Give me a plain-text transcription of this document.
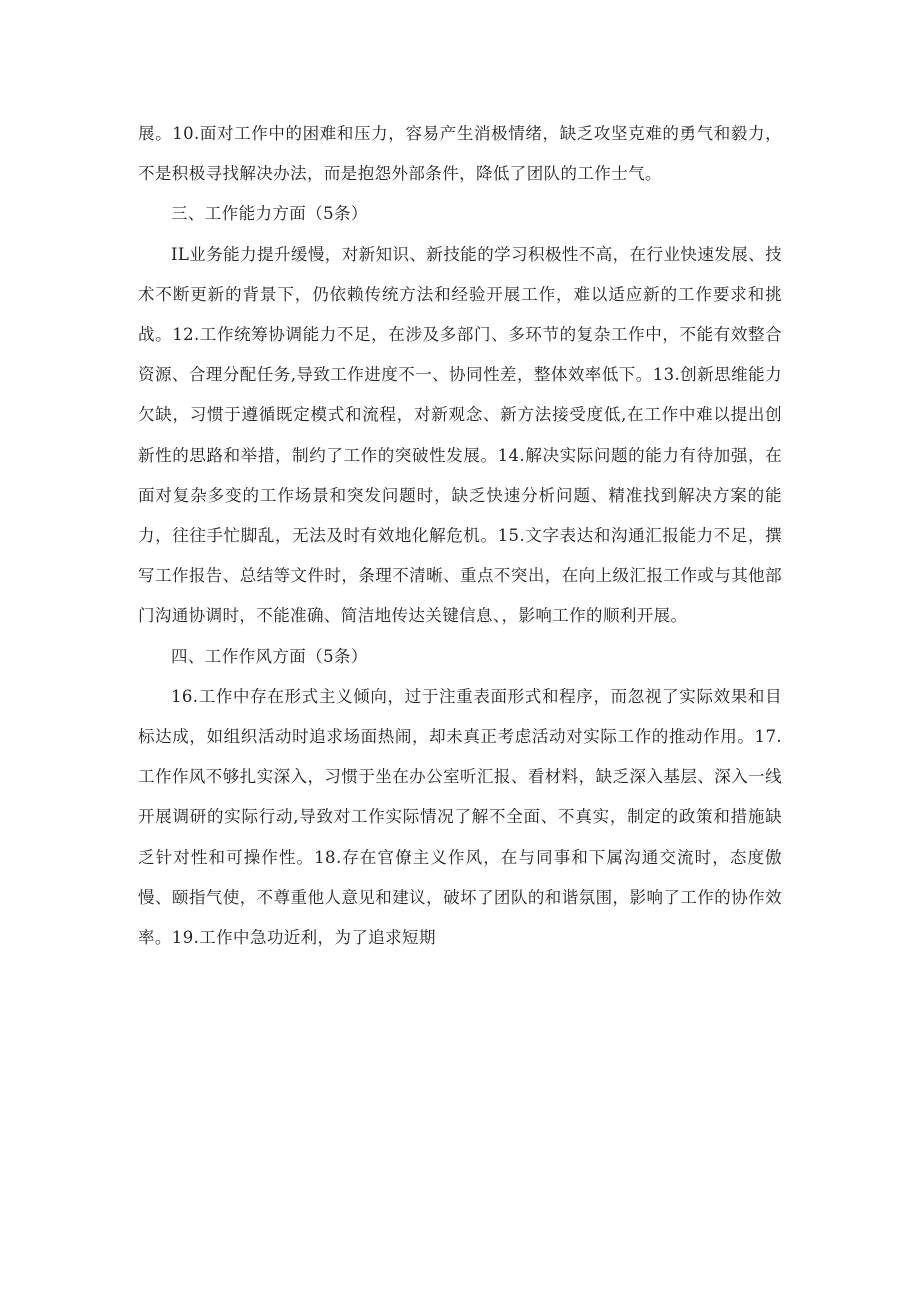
展。10.面对工作中的困难和压力，容易产生消极情绪，缺乏攻坚克难的勇气和毅力，不是积极寻找解决办法，而是抱怨外部条件，降低了团队的工作士气。

三、工作能力方面（5条）

IL业务能力提升缓慢，对新知识、新技能的学习积极性不高，在行业快速发展、技术不断更新的背景下，仍依赖传统方法和经验开展工作，难以适应新的工作要求和挑战。12.工作统筹协调能力不足，在涉及多部门、多环节的复杂工作中，不能有效整合资源、合理分配任务,导致工作进度不一、协同性差，整体效率低下。13.创新思维能力欠缺，习惯于遵循既定模式和流程，对新观念、新方法接受度低,在工作中难以提出创新性的思路和举措，制约了工作的突破性发展。14.解决实际问题的能力有待加强，在面对复杂多变的工作场景和突发问题时，缺乏快速分析问题、精准找到解决方案的能力，往往手忙脚乱，无法及时有效地化解危机。15.文字表达和沟通汇报能力不足，撰写工作报告、总结等文件时，条理不清晰、重点不突出，在向上级汇报工作或与其他部门沟通协调时，不能准确、简洁地传达关键信息、，影响工作的顺利开展。

四、工作作风方面（5条）

16.工作中存在形式主义倾向，过于注重表面形式和程序，而忽视了实际效果和目标达成，如组织活动时追求场面热闹，却未真正考虑活动对实际工作的推动作用。17.工作作风不够扎实深入，习惯于坐在办公室听汇报、看材料，缺乏深入基层、深入一线开展调研的实际行动,导致对工作实际情况了解不全面、不真实，制定的政策和措施缺乏针对性和可操作性。18.存在官僚主义作风，在与同事和下属沟通交流时，态度傲慢、颐指气使，不尊重他人意见和建议，破坏了团队的和谐氛围，影响了工作的协作效率。19.工作中急功近利，为了追求短期
